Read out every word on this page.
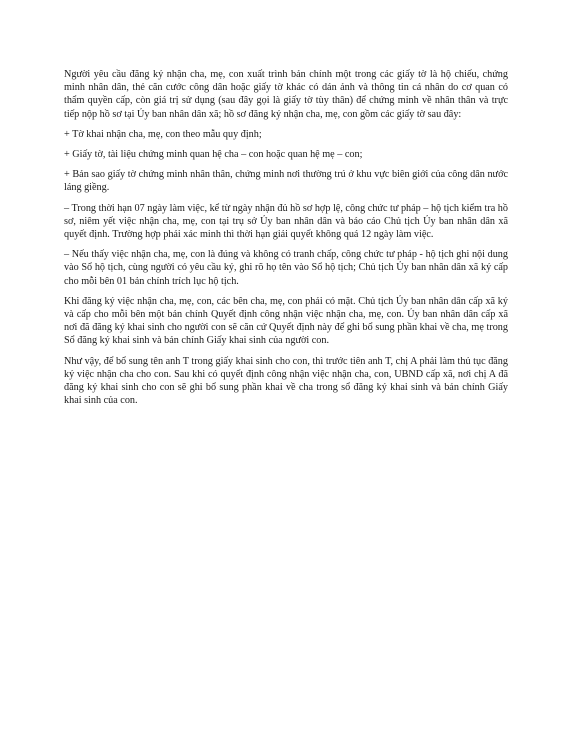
Người yêu cầu đăng ký nhận cha, mẹ, con xuất trình bản chính một trong các giấy tờ là hộ chiếu, chứng minh nhân dân, thẻ căn cước công dân hoặc giấy tờ khác có dán ảnh và thông tin cá nhân do cơ quan có thẩm quyền cấp, còn giá trị sử dụng (sau đây gọi là giấy tờ tùy thân) để chứng minh về nhân thân và trực tiếp nộp hồ sơ tại Ủy ban nhân dân xã; hồ sơ đăng ký nhận cha, mẹ, con gồm các giấy tờ sau đây:

+ Tờ khai nhận cha, mẹ, con theo mẫu quy định;

+ Giấy tờ, tài liệu chứng minh quan hệ cha – con hoặc quan hệ mẹ – con;

+ Bản sao giấy tờ chứng minh nhân thân, chứng minh nơi thường trú ở khu vực biên giới của công dân nước láng giềng.

– Trong thời hạn 07 ngày làm việc, kể từ ngày nhận đủ hồ sơ hợp lệ, công chức tư pháp – hộ tịch kiểm tra hồ sơ, niêm yết việc nhận cha, mẹ, con tại trụ sở Ủy ban nhân dân và báo cáo Chủ tịch Ủy ban nhân dân xã quyết định. Trường hợp phải xác minh thì thời hạn giải quyết không quá 12 ngày làm việc.

– Nếu thấy việc nhận cha, mẹ, con là đúng và không có tranh chấp, công chức tư pháp - hộ tịch ghi nội dung vào Sổ hộ tịch, cùng người có yêu cầu ký, ghi rõ họ tên vào Sổ hộ tịch; Chủ tịch Ủy ban nhân dân xã ký cấp cho mỗi bên 01 bản chính trích lục hộ tịch.

Khi đăng ký việc nhận cha, mẹ, con, các bên cha, mẹ, con phải có mặt. Chủ tịch Ủy ban nhân dân cấp xã ký và cấp cho mỗi bên một bản chính Quyết định công nhận việc nhận cha, mẹ, con. Ủy ban nhân dân cấp xã nơi đã đăng ký khai sinh cho người con sẽ căn cứ Quyết định này để ghi bổ sung phần khai về cha, mẹ trong Sổ đăng ký khai sinh và bản chính Giấy khai sinh của người con.

Như vậy, để bổ sung tên anh T trong giấy khai sinh cho con, thì trước tiên anh T, chị A phải làm thủ tục đăng ký việc nhận cha cho con. Sau khi có quyết định công nhận việc nhận cha, con, UBND cấp xã, nơi chị A đã đăng ký khai sinh cho con sẽ ghi bổ sung phần khai về cha trong sổ đăng ký khai sinh và bản chính Giấy khai sinh của con.
